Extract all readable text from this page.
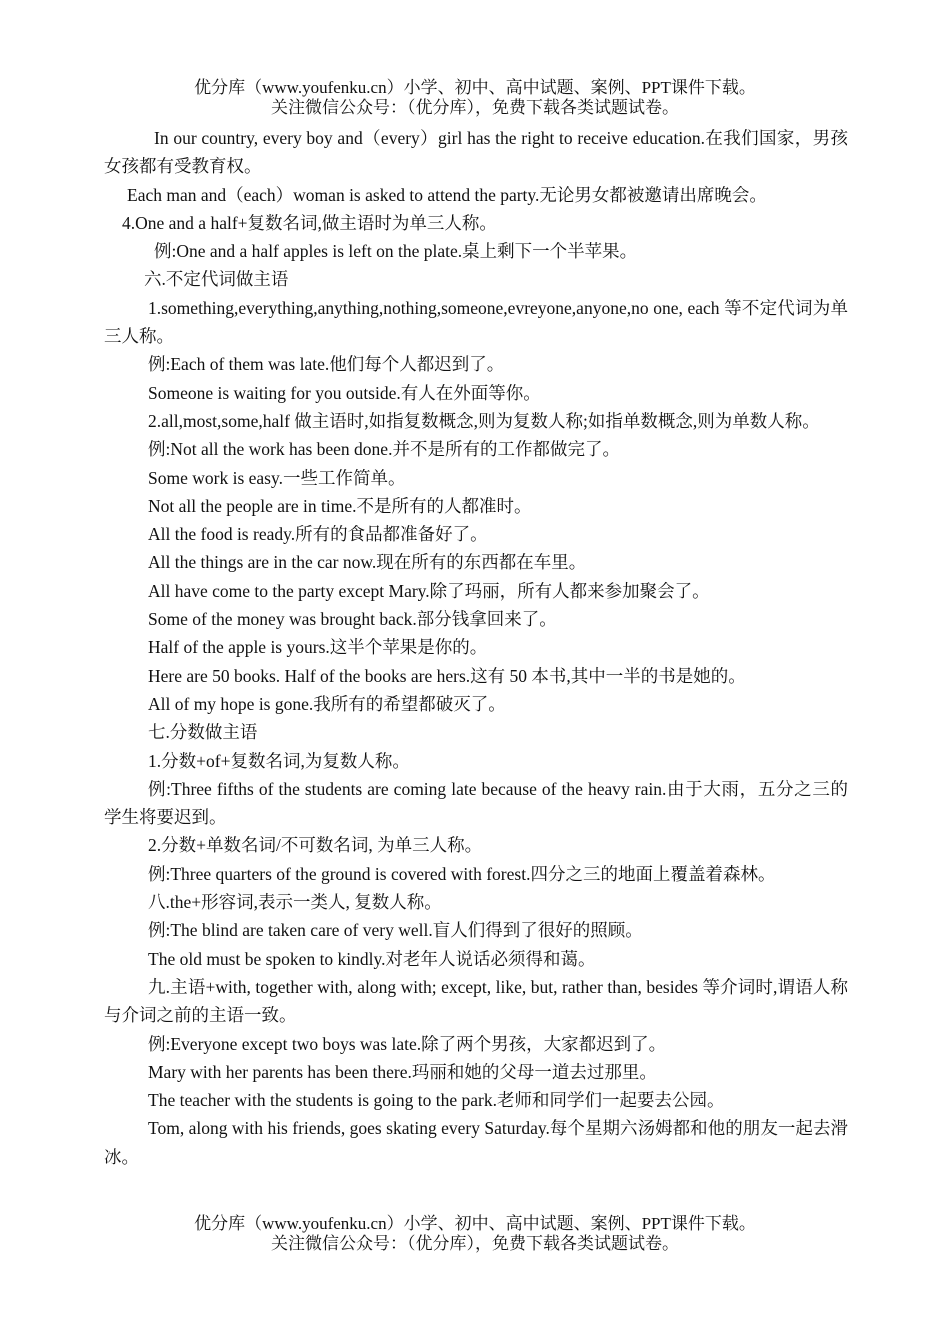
优分库（www.youfenku.cn）小学、初中、高中试题、案例、PPT课件下载。
关注微信公众号：（优分库），免费下载各类试题试卷。

In our country, every boy and（every）girl has the right to receive education.在我们国家，男孩女孩都有受教育权。

Each man and（each）woman is asked to attend the party.无论男女都被邀请出席晚会。

4.One and a half+复数名词,做主语时为单三人称。

例:One and a half apples is left on the plate.桌上剩下一个半苹果。

六.不定代词做主语

1.something,everything,anything,nothing,someone,evreyone,anyone,no one, each 等不定代词为单三人称。

例:Each of them was late.他们每个人都迟到了。

Someone is waiting for you outside.有人在外面等你。

2.all,most,some,half 做主语时,如指复数概念,则为复数人称;如指单数概念,则为单数人称。

例:Not all the work has been done.并不是所有的工作都做完了。

Some work is easy.一些工作简单。

Not all the people are in time.不是所有的人都准时。

All the food is ready.所有的食品都准备好了。

All the things are in the car now.现在所有的东西都在车里。

All have come to the party except Mary.除了玛丽，所有人都来参加聚会了。

Some of the money was brought back.部分钱拿回来了。

Half of the apple is yours.这半个苹果是你的。

Here are 50 books. Half of the books are hers.这有 50 本书,其中一半的书是她的。

All of my hope is gone.我所有的希望都破灭了。

七.分数做主语

1.分数+of+复数名词,为复数人称。

例:Three fifths of the students are coming late because of the heavy rain.由于大雨，五分之三的学生将要迟到。

2.分数+单数名词/不可数名词, 为单三人称。

例:Three quarters of the ground is covered with forest.四分之三的地面上覆盖着森林。

八.the+形容词,表示一类人, 复数人称。

例:The blind are taken care of very well.盲人们得到了很好的照顾。

The old must be spoken to kindly.对老年人说话必须得和蔼。

九.主语+with, together with, along with; except, like, but, rather than, besides 等介词时,谓语人称与介词之前的主语一致。

例:Everyone except two boys was late.除了两个男孩，大家都迟到了。

Mary with her parents has been there.玛丽和她的父母一道去过那里。

The teacher with the students is going to the park.老师和同学们一起要去公园。

Tom, along with his friends, goes skating every Saturday.每个星期六汤姆都和他的朋友一起去滑冰。

优分库（www.youfenku.cn）小学、初中、高中试题、案例、PPT课件下载。
关注微信公众号：（优分库），免费下载各类试题试卷。
